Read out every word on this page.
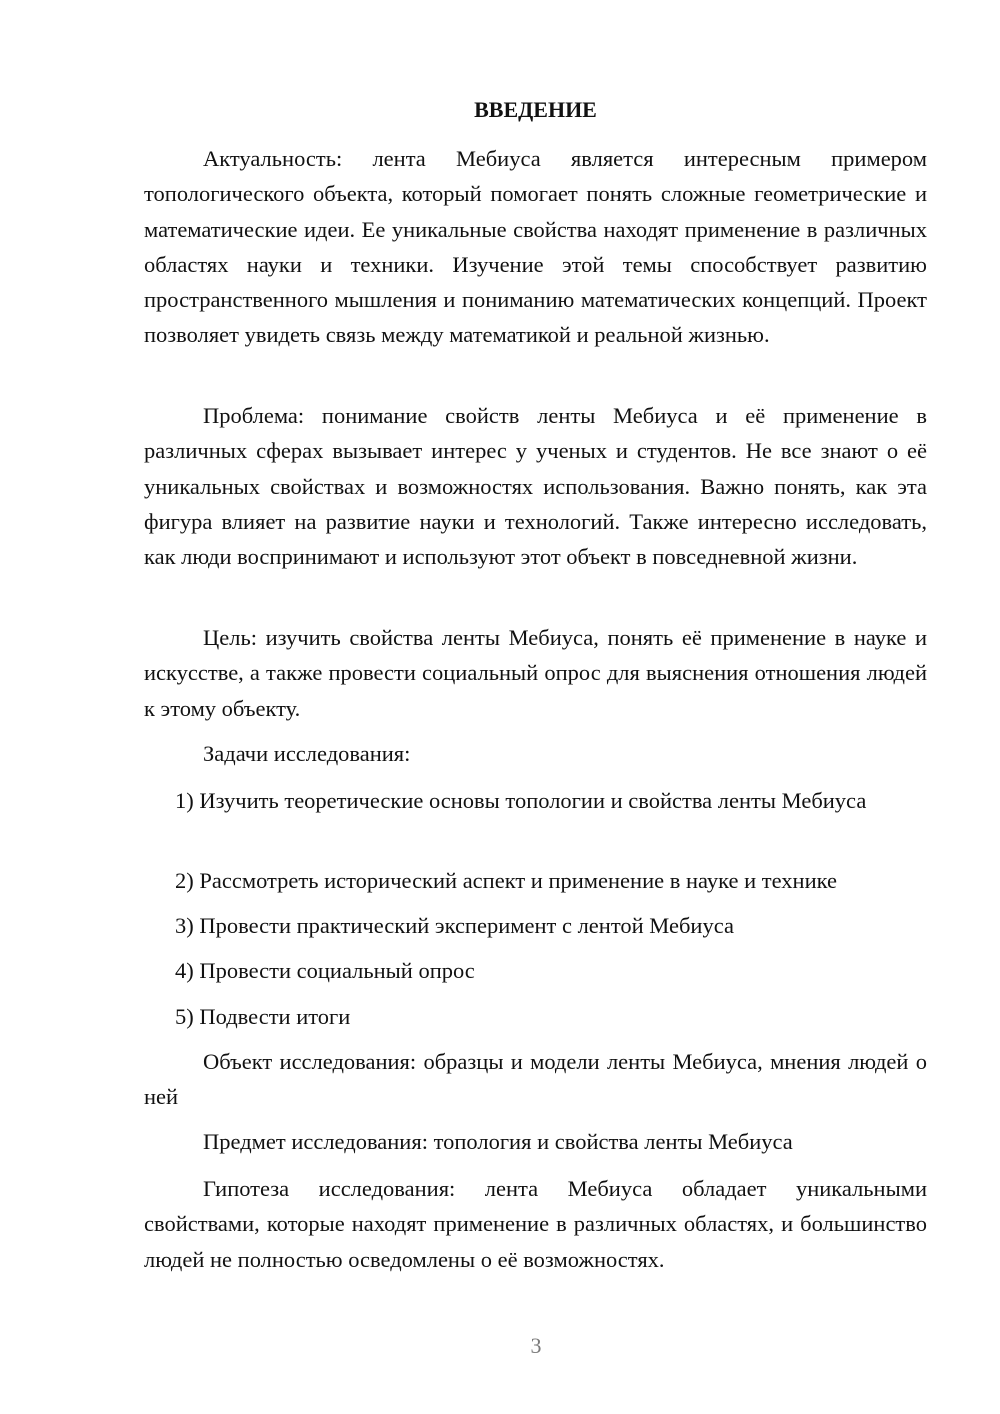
ВВЕДЕНИЕ

Актуальность: лента Мебиуса является интересным примером топологического объекта, который помогает понять сложные геометрические и математические идеи. Ее уникальные свойства находят применение в различных областях науки и техники. Изучение этой темы способствует развитию пространственного мышления и пониманию математических концепций. Проект позволяет увидеть связь между математикой и реальной жизнью.

Проблема: понимание свойств ленты Мебиуса и её применение в различных сферах вызывает интерес у ученых и студентов. Не все знают о её уникальных свойствах и возможностях использования. Важно понять, как эта фигура влияет на развитие науки и технологий. Также интересно исследовать, как люди воспринимают и используют этот объект в повседневной жизни.

Цель: изучить свойства ленты Мебиуса, понять её применение в науке и искусстве, а также провести социальный опрос для выяснения отношения людей к этому объекту.

Задачи исследования:

1) Изучить теоретические основы топологии и свойства ленты Мебиуса

2) Рассмотреть исторический аспект и применение в науке и технике

3) Провести практический эксперимент с лентой Мебиуса

4) Провести социальный опрос

5) Подвести итоги

Объект исследования: образцы и модели ленты Мебиуса, мнения людей о ней

Предмет исследования: топология и свойства ленты Мебиуса

Гипотеза исследования: лента Мебиуса обладает уникальными свойствами, которые находят применение в различных областях, и большинство людей не полностью осведомлены о её возможностях.

3
